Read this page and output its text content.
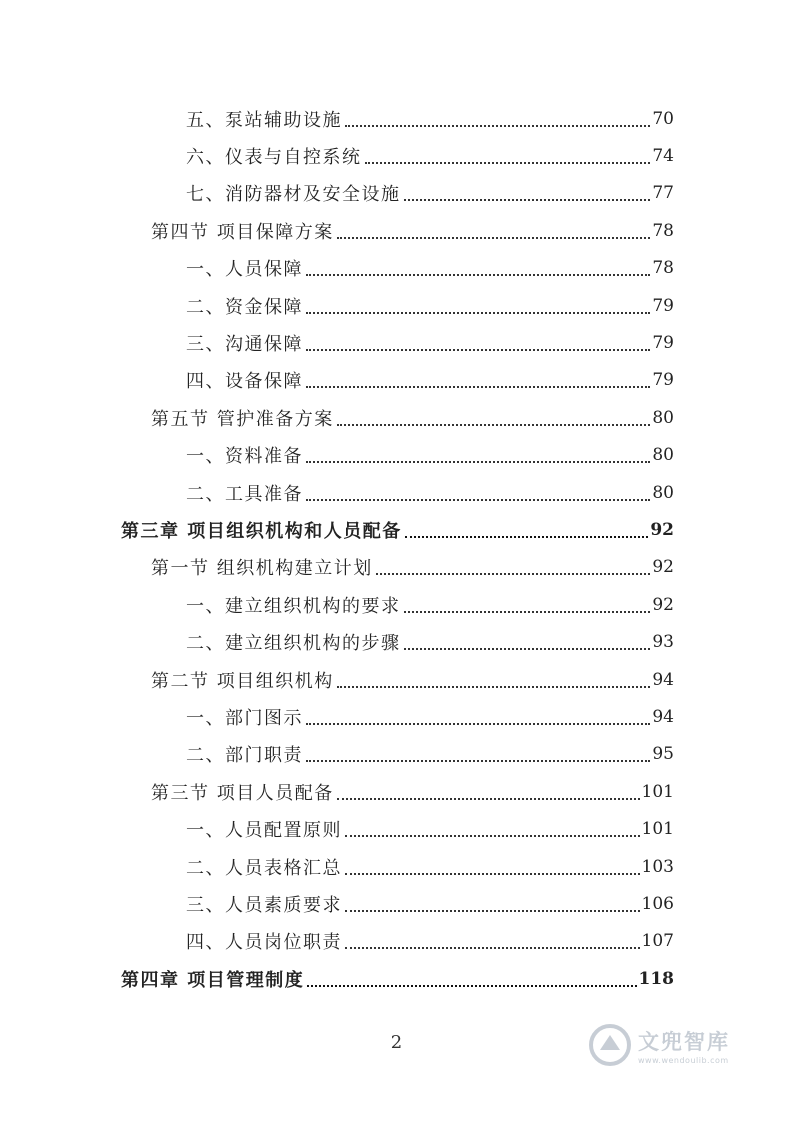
五、泵站辅助设施	70
六、仪表与自控系统	74
七、消防器材及安全设施	77
第四节 项目保障方案	78
一、人员保障	78
二、资金保障	79
三、沟通保障	79
四、设备保障	79
第五节 管护准备方案	80
一、资料准备	80
二、工具准备	80
第三章 项目组织机构和人员配备	92
第一节 组织机构建立计划	92
一、建立组织机构的要求	92
二、建立组织机构的步骤	93
第二节 项目组织机构	94
一、部门图示	94
二、部门职责	95
第三节 项目人员配备	101
一、人员配置原则	101
二、人员表格汇总	103
三、人员素质要求	106
四、人员岗位职责	107
第四章 项目管理制度	118
2	文兜智库
www.wendoulib.com
